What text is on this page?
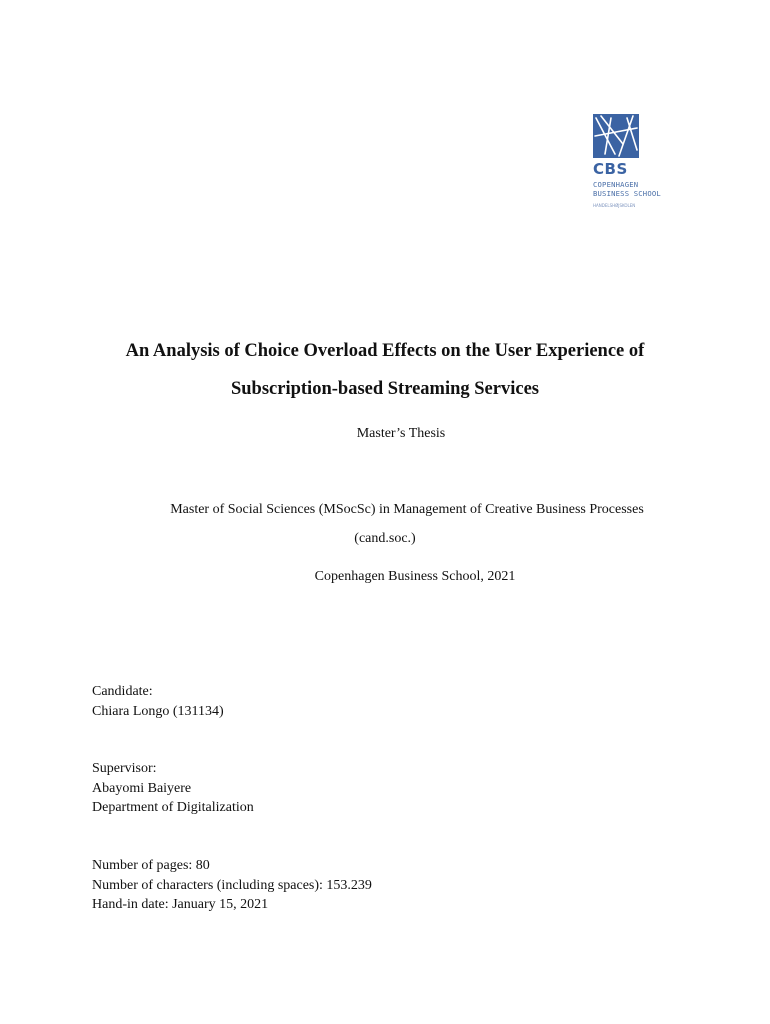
CBS
COPENHAGEN
BUSINESS SCHOOL
HANDELSHØJSKOLEN
An Analysis of Choice Overload Effects on the User Experience of
Subscription-based Streaming Services
Master’s Thesis
Master of Social Sciences (MSocSc) in Management of Creative Business Processes
(cand.soc.)
Copenhagen Business School, 2021
Candidate:
Chiara Longo (131134)
Supervisor:
Abayomi Baiyere
Department of Digitalization
Number of pages: 80
Number of characters (including spaces): 153.239
Hand-in date: January 15, 2021
